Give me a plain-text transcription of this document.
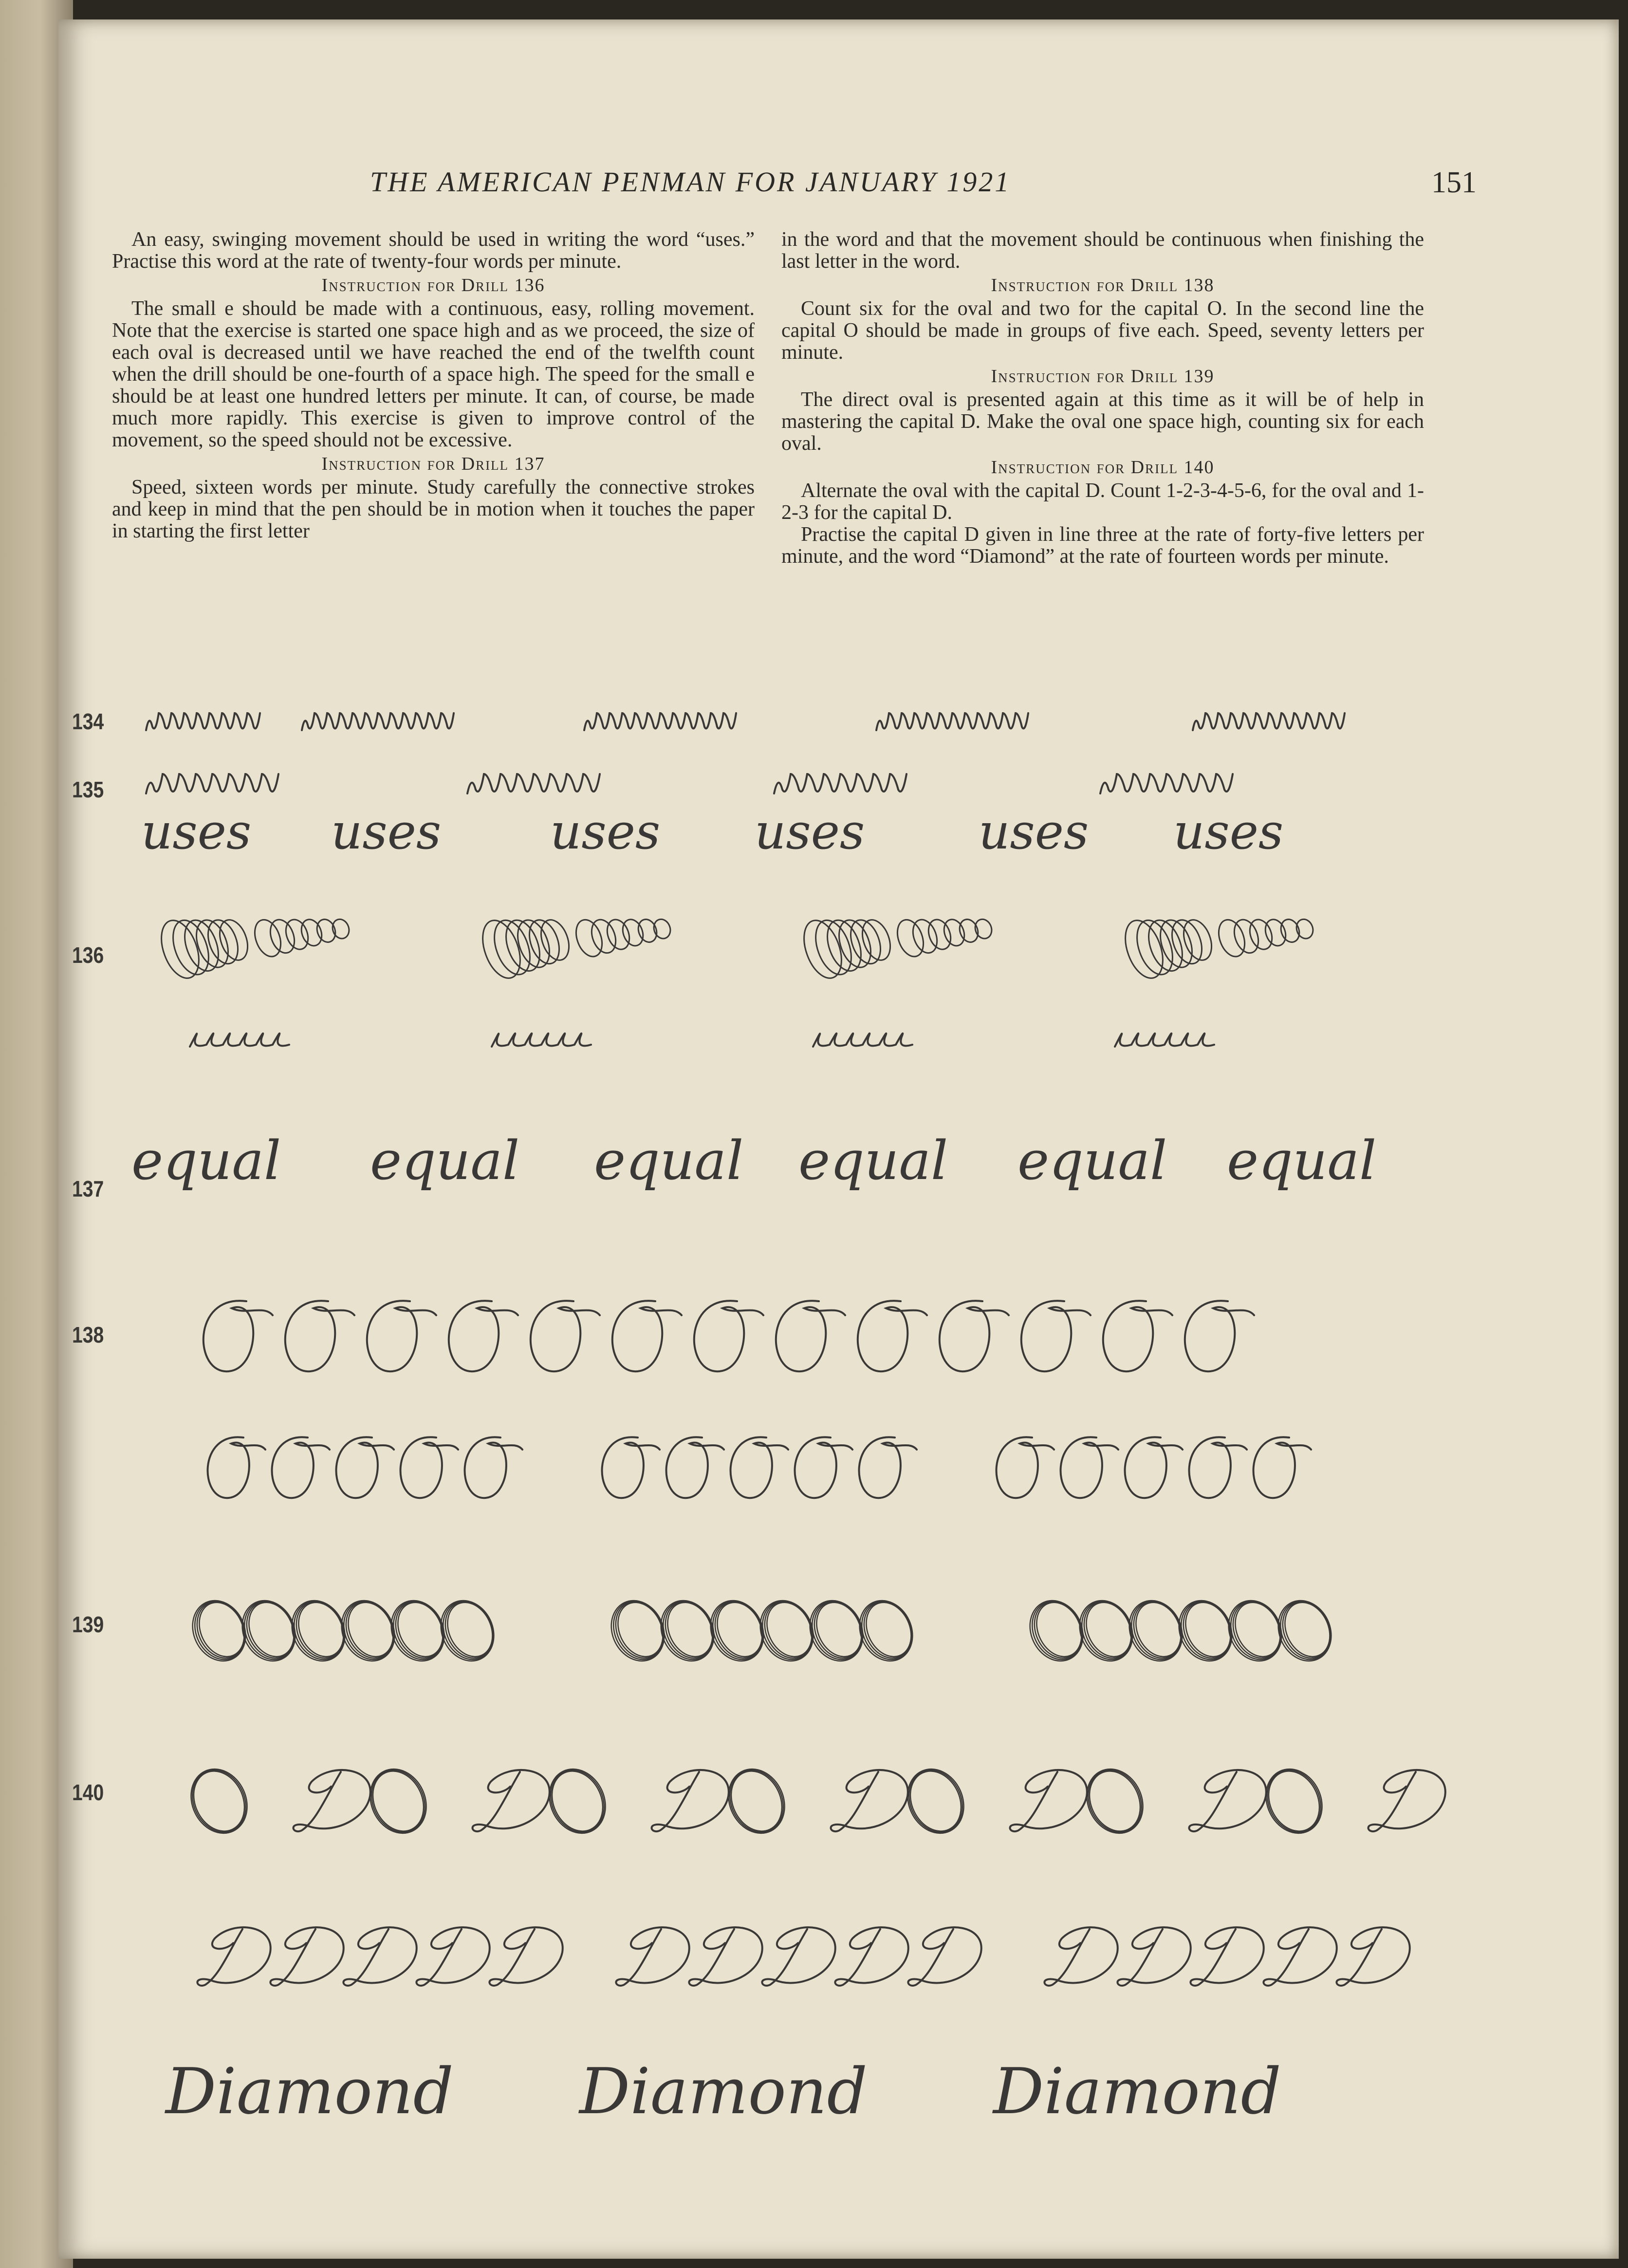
THE AMERICAN PENMAN FOR JANUARY 1921	151

An easy, swinging movement should be used in writing the word “uses.” Practise this word at the rate of twenty-four words per minute.

Instruction for Drill 136

The small e should be made with a continuous, easy, rolling movement. Note that the exercise is started one space high and as we proceed, the size of each oval is decreased until we have reached the end of the twelfth count when the drill should be one-fourth of a space high. The speed for the small e should be at least one hundred letters per minute. It can, of course, be made much more rapidly. This exercise is given to improve control of the movement, so the speed should not be excessive.

Instruction for Drill 137

Speed, sixteen words per minute. Study carefully the connective strokes and keep in mind that the pen should be in motion when it touches the paper in starting the first letter

in the word and that the movement should be continuous when finishing the last letter in the word.

Instruction for Drill 138

Count six for the oval and two for the capital O. In the second line the capital O should be made in groups of five each. Speed, seventy letters per minute.

Instruction for Drill 139

The direct oval is presented again at this time as it will be of help in mastering the capital D. Make the oval one space high, counting six for each oval.

Instruction for Drill 140

Alternate the oval with the capital D. Count 1-2-3-4-5-6, for the oval and 1-2-3 for the capital D.

Practise the capital D given in line three at the rate of forty-five letters per minute, and the word “Diamond” at the rate of fourteen words per minute.

134
135
136
137
138
139
140
uses uses uses uses uses uses
equal equal equal equal equal equal
Diamond Diamond Diamond
